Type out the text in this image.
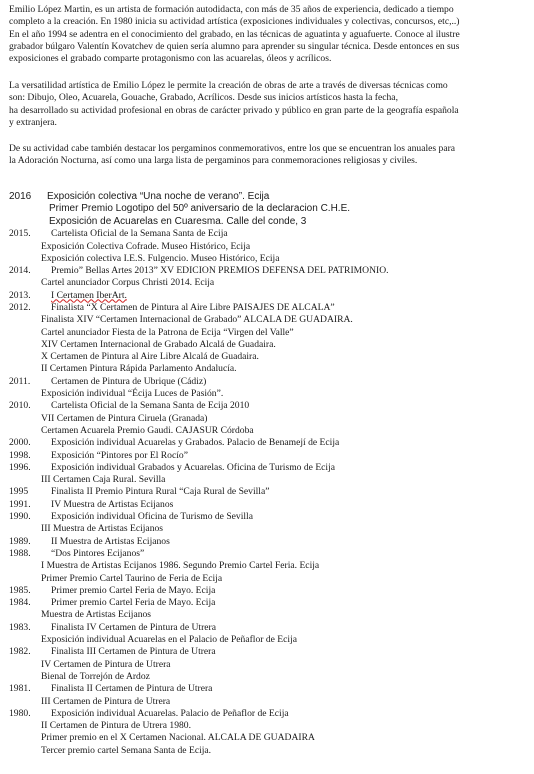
Emilio López Martin, es un artista de formación autodidacta, con más de 35 años de experiencia, dedicado a tiempo
completo a la creación. En 1980 inicia su actividad artística (exposiciones individuales y colectivas, concursos, etc,..)
En el año 1994 se adentra en el conocimiento del grabado, en las técnicas de aguatinta y aguafuerte. Conoce al ilustre
grabador búlgaro Valentín Kovatchev de quien sería alumno para aprender su singular técnica. Desde entonces en sus
exposiciones el grabado comparte protagonismo con las acuarelas, óleos y acrílicos.
La versatilidad artística de Emilio López le permite la creación de obras de arte a través de diversas técnicas como
son: Dibujo, Oleo, Acuarela, Gouache, Grabado, Acrílicos. Desde sus inicios artísticos hasta la fecha,
ha desarrollado su actividad profesional en obras de carácter privado y público en gran parte de la geografía española
y extranjera.
De su actividad cabe también destacar los pergaminos conmemorativos, entre los que se encuentran los anuales para
la Adoración Nocturna, así como una larga lista de pergaminos para conmemoraciones religiosas y civiles.
2016 Exposición colectiva “Una noche de verano”. Ecija
Primer Premio Logotipo del 50º aniversario de la declaracion C.H.E.
Exposición de Acuarelas en Cuaresma. Calle del conde, 3
2015. Cartelista Oficial de la Semana Santa de Ecija
Exposición Colectiva Cofrade. Museo Histórico, Ecija
Exposición colectiva I.E.S. Fulgencio. Museo Histórico, Ecija
2014. Premio” Bellas Artes 2013” XV EDICION PREMIOS DEFENSA DEL PATRIMONIO.
Cartel anunciador Corpus Christi 2014. Ecija
2013. I Certamen IberArt.
2012. Finalista “X Certamen de Pintura al Aire Libre PAISAJES DE ALCALA”
Finalista XIV “Certamen Internacional de Grabado” ALCALA DE GUADAIRA.
Cartel anunciador Fiesta de la Patrona de Ecija “Virgen del Valle”
XIV Certamen Internacional de Grabado Alcalá de Guadaira.
X Certamen de Pintura al Aire Libre Alcalá de Guadaira.
II Certamen Pintura Rápida Parlamento Andalucía.
2011. Certamen de Pintura de Ubrique (Cádiz)
Exposición individual “Écija Luces de Pasión”.
2010. Cartelista Oficial de la Semana Santa de Ecija 2010
VII Certamen de Pintura Ciruela (Granada)
Certamen Acuarela Premio Gaudi. CAJASUR Córdoba
2000. Exposición individual Acuarelas y Grabados. Palacio de Benamejí de Ecija
1998. Exposición “Pintores por El Rocío”
1996. Exposición individual Grabados y Acuarelas. Oficina de Turismo de Ecija
III Certamen Caja Rural. Sevilla
1995 Finalista II Premio Pintura Rural “Caja Rural de Sevilla”
1991. IV Muestra de Artistas Ecijanos
1990. Exposición individual Oficina de Turismo de Sevilla
III Muestra de Artistas Ecijanos
1989. II Muestra de Artistas Ecijanos
1988. “Dos Pintores Ecijanos”
I Muestra de Artistas Ecijanos 1986. Segundo Premio Cartel Feria. Ecija
Primer Premio Cartel Taurino de Feria de Ecija
1985. Primer premio Cartel Feria de Mayo. Ecija
1984. Primer premio Cartel Feria de Mayo. Ecija
Muestra de Artistas Ecijanos
1983. Finalista IV Certamen de Pintura de Utrera
Exposición individual Acuarelas en el Palacio de Peñaflor de Ecija
1982. Finalista III Certamen de Pintura de Utrera
IV Certamen de Pintura de Utrera
Bienal de Torrejón de Ardoz
1981. Finalista II Certamen de Pintura de Utrera
III Certamen de Pintura de Utrera
1980. Exposición individual Acuarelas. Palacio de Peñaflor de Ecija
II Certamen de Pintura de Utrera 1980.
Primer premio en el X Certamen Nacional. ALCALA DE GUADAIRA
Tercer premio cartel Semana Santa de Ecija.
